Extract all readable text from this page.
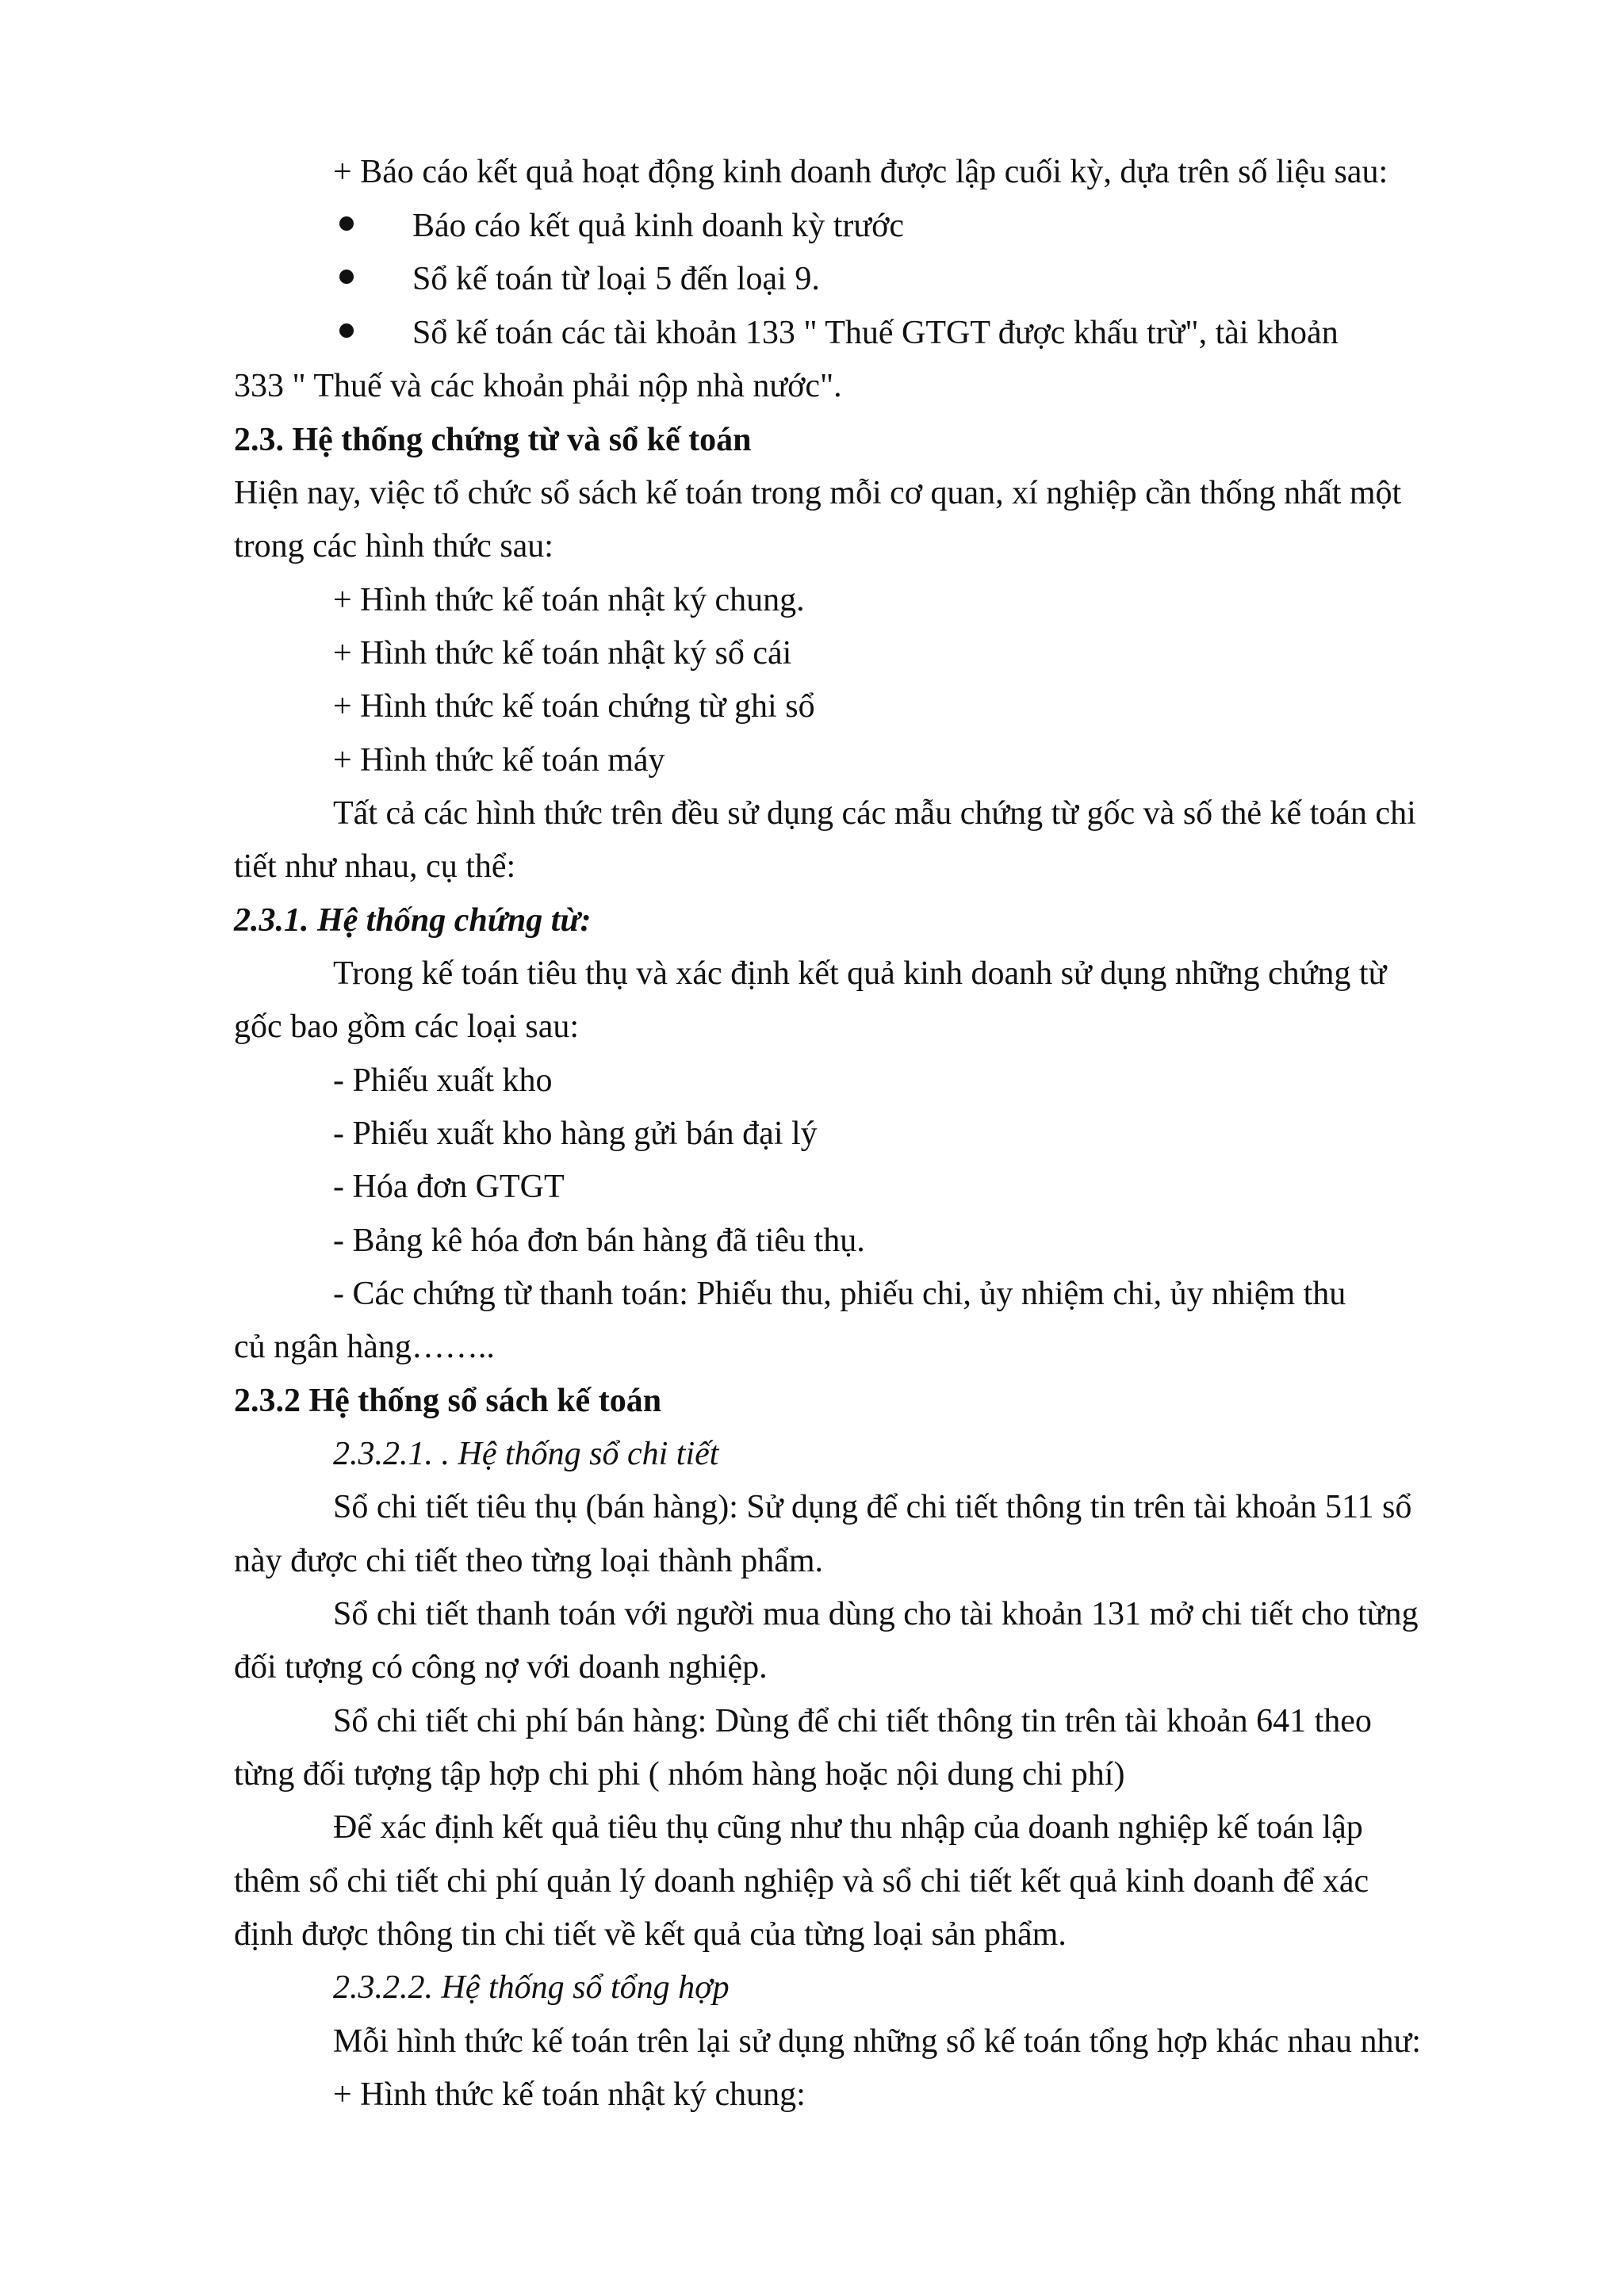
+ Báo cáo kết quả hoạt động kinh doanh được lập cuối kỳ, dựa trên số liệu sau:
Báo cáo kết quả kinh doanh kỳ trước
Sổ kế toán từ loại 5 đến loại 9.
Sổ kế toán các tài khoản 133 " Thuế GTGT được khấu trừ", tài khoản
333 " Thuế và các khoản phải nộp nhà nước".
2.3. Hệ thống chứng từ và sổ kế toán
Hiện nay, việc tổ chức sổ sách kế toán trong mỗi cơ quan, xí nghiệp cần thống nhất một
trong các hình thức sau:
+ Hình thức kế toán nhật ký chung.
+ Hình thức kế toán nhật ký sổ cái
+ Hình thức kế toán chứng từ ghi sổ
+ Hình thức kế toán máy
Tất cả các hình thức trên đều sử dụng các mẫu chứng từ gốc và số thẻ kế toán chi
tiết như nhau, cụ thể:
2.3.1. Hệ thống chứng từ:
Trong kế toán tiêu thụ và xác định kết quả kinh doanh sử dụng những chứng từ
gốc bao gồm các loại sau:
- Phiếu xuất kho
- Phiếu xuất kho hàng gửi bán đại lý
- Hóa đơn GTGT
- Bảng kê hóa đơn bán hàng đã tiêu thụ.
- Các chứng từ thanh toán: Phiếu thu, phiếu chi, ủy nhiệm chi, ủy nhiệm thu
củ ngân hàng……..
2.3.2 Hệ thống sổ sách kế toán
2.3.2.1. . Hệ thống sổ chi tiết
Sổ chi tiết tiêu thụ (bán hàng): Sử dụng để chi tiết thông tin trên tài khoản 511 sổ
này được chi tiết theo từng loại thành phẩm.
Sổ chi tiết thanh toán với người mua dùng cho tài khoản 131 mở chi tiết cho từng
đối tượng có công nợ với doanh nghiệp.
Sổ chi tiết chi phí bán hàng: Dùng để chi tiết thông tin trên tài khoản 641 theo
từng đối tượng tập hợp chi phi ( nhóm hàng hoặc nội dung chi phí)
Để xác định kết quả tiêu thụ cũng như thu nhập của doanh nghiệp kế toán lập
thêm sổ chi tiết chi phí quản lý doanh nghiệp và sổ chi tiết kết quả kinh doanh để xác
định được thông tin chi tiết về kết quả của từng loại sản phẩm.
2.3.2.2. Hệ thống sổ tổng hợp
Mỗi hình thức kế toán trên lại sử dụng những sổ kế toán tổng hợp khác nhau như:
+ Hình thức kế toán nhật ký chung:
